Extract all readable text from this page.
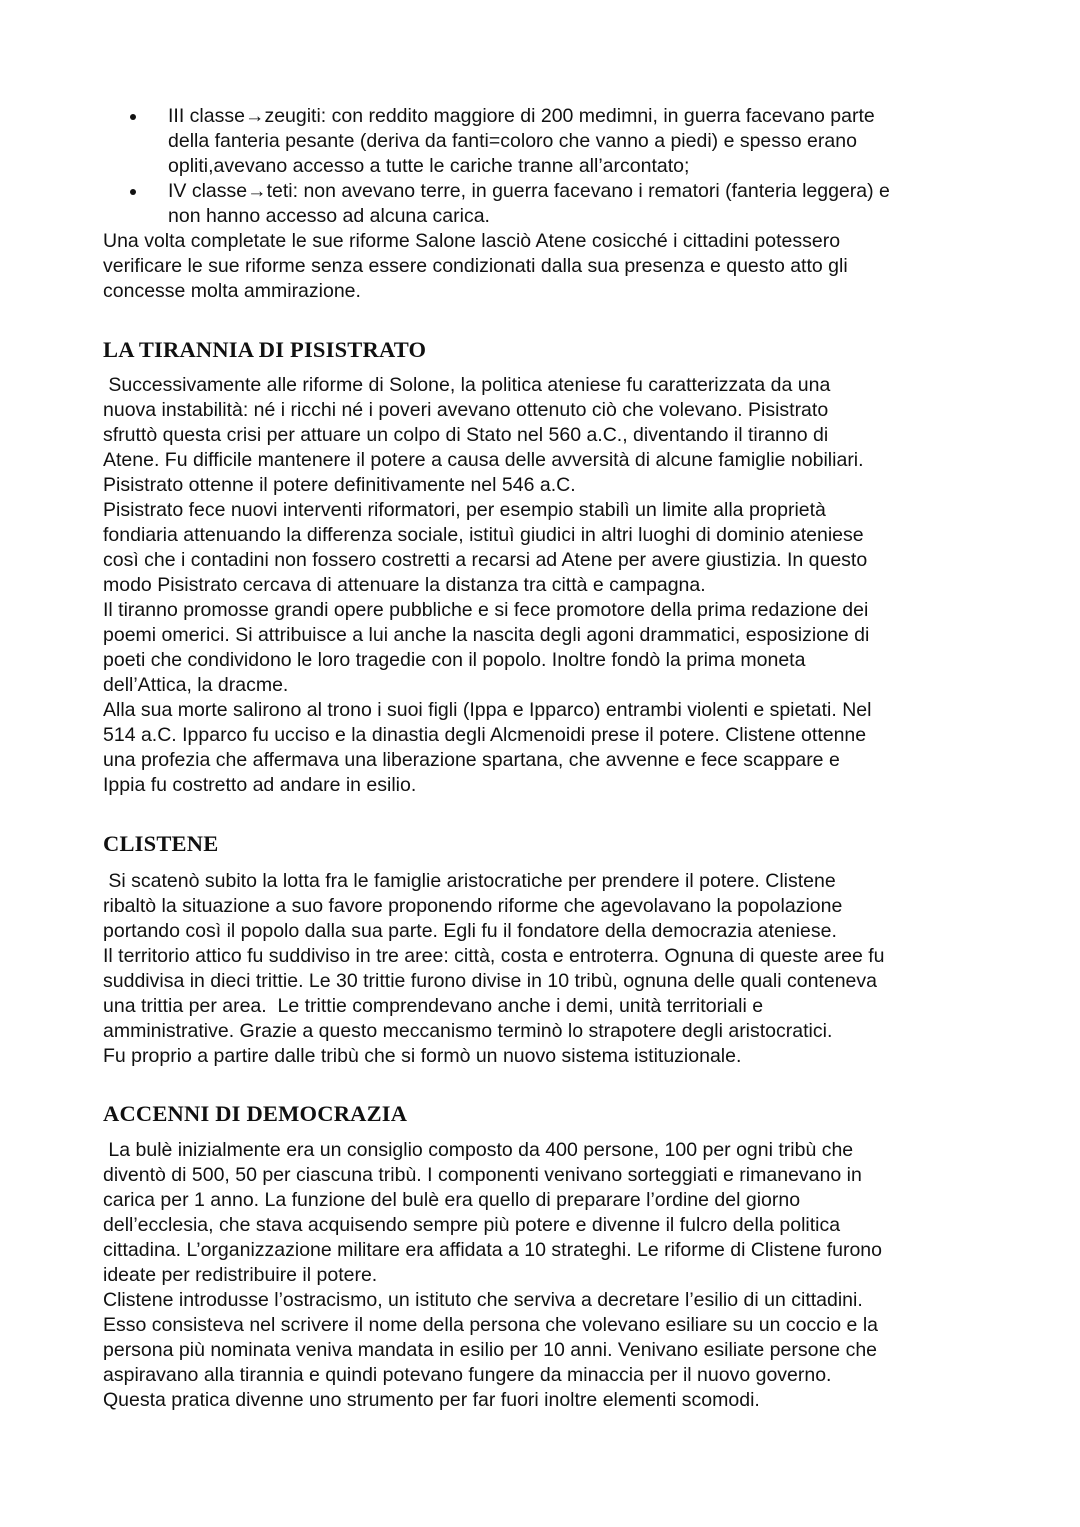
III classe→zeugiti: con reddito maggiore di 200 medimni, in guerra facevano parte
della fanteria pesante (deriva da fanti=coloro che vanno a piedi) e spesso erano
opliti,avevano accesso a tutte le cariche tranne all’arcontato;

IV classe→teti: non avevano terre, in guerra facevano i rematori (fanteria leggera) e
non hanno accesso ad alcuna carica.

Una volta completate le sue riforme Salone lasciò Atene cosicché i cittadini potessero
verificare le sue riforme senza essere condizionati dalla sua presenza e questo atto gli
concesse molta ammirazione.

LA TIRANNIA DI PISISTRATO

Successivamente alle riforme di Solone, la politica ateniese fu caratterizzata da una
nuova instabilità: né i ricchi né i poveri avevano ottenuto ciò che volevano. Pisistrato
sfruttò questa crisi per attuare un colpo di Stato nel 560 a.C., diventando il tiranno di
Atene. Fu difficile mantenere il potere a causa delle avversità di alcune famiglie nobiliari.
Pisistrato ottenne il potere definitivamente nel 546 a.C.
Pisistrato fece nuovi interventi riformatori, per esempio stabilì un limite alla proprietà
fondiaria attenuando la differenza sociale, istituì giudici in altri luoghi di dominio ateniese
così che i contadini non fossero costretti a recarsi ad Atene per avere giustizia. In questo
modo Pisistrato cercava di attenuare la distanza tra città e campagna.
Il tiranno promosse grandi opere pubbliche e si fece promotore della prima redazione dei
poemi omerici. Si attribuisce a lui anche la nascita degli agoni drammatici, esposizione di
poeti che condividono le loro tragedie con il popolo. Inoltre fondò la prima moneta
dell’Attica, la dracme.
Alla sua morte salirono al trono i suoi figli (Ippa e Ipparco) entrambi violenti e spietati. Nel
514 a.C. Ipparco fu ucciso e la dinastia degli Alcmenoidi prese il potere. Clistene ottenne
una profezia che affermava una liberazione spartana, che avvenne e fece scappare e
Ippia fu costretto ad andare in esilio.

CLISTENE

Si scatenò subito la lotta fra le famiglie aristocratiche per prendere il potere. Clistene
ribaltò la situazione a suo favore proponendo riforme che agevolavano la popolazione
portando così il popolo dalla sua parte. Egli fu il fondatore della democrazia ateniese.
Il territorio attico fu suddiviso in tre aree: città, costa e entroterra. Ognuna di queste aree fu
suddivisa in dieci trittie. Le 30 trittie furono divise in 10 tribù, ognuna delle quali conteneva
una trittia per area.  Le trittie comprendevano anche i demi, unità territoriali e
amministrative. Grazie a questo meccanismo terminò lo strapotere degli aristocratici.
Fu proprio a partire dalle tribù che si formò un nuovo sistema istituzionale.

ACCENNI DI DEMOCRAZIA

La bulè inizialmente era un consiglio composto da 400 persone, 100 per ogni tribù che
diventò di 500, 50 per ciascuna tribù. I componenti venivano sorteggiati e rimanevano in
carica per 1 anno. La funzione del bulè era quello di preparare l’ordine del giorno
dell’ecclesia, che stava acquisendo sempre più potere e divenne il fulcro della politica
cittadina. L’organizzazione militare era affidata a 10 strateghi. Le riforme di Clistene furono
ideate per redistribuire il potere.
Clistene introdusse l’ostracismo, un istituto che serviva a decretare l’esilio di un cittadini.
Esso consisteva nel scrivere il nome della persona che volevano esiliare su un coccio e la
persona più nominata veniva mandata in esilio per 10 anni. Venivano esiliate persone che
aspiravano alla tirannia e quindi potevano fungere da minaccia per il nuovo governo.
Questa pratica divenne uno strumento per far fuori inoltre elementi scomodi.
